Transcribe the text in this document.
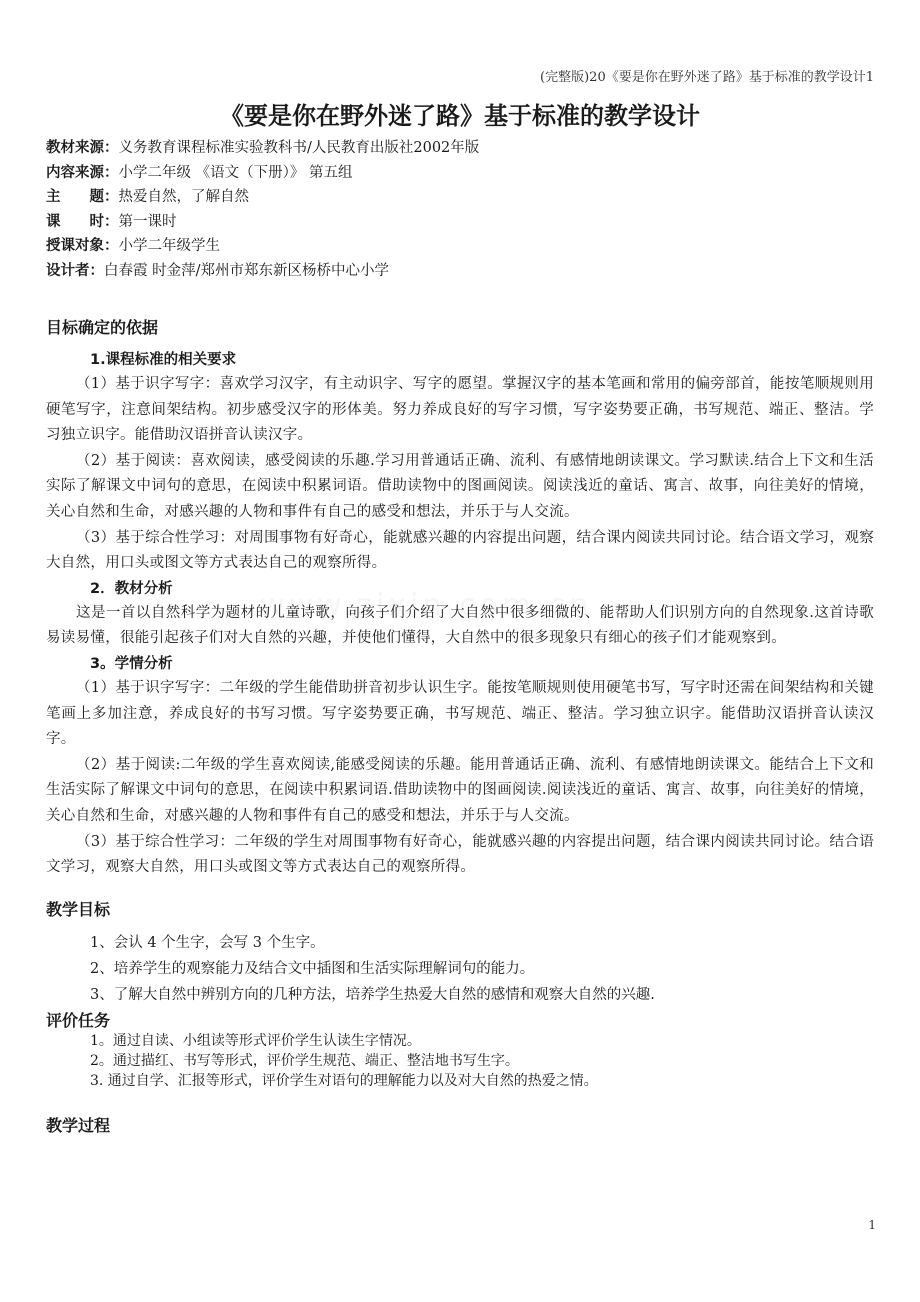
(完整版)20《要是你在野外迷了路》基于标准的教学设计1
《要是你在野外迷了路》基于标准的教学设计
教材来源：义务教育课程标准实验教科书/人民教育出版社2002年版
内容来源：小学二年级 《语文（下册）》 第五组
主　　题：热爱自然，了解自然
课　　时：第一课时
授课对象：小学二年级学生
设计者：白春霞 时金萍/郑州市郑东新区杨桥中心小学
目标确定的依据
1.课程标准的相关要求

（1）基于识字写字：喜欢学习汉字，有主动识字、写字的愿望。掌握汉字的基本笔画和常用的偏旁部首，能按笔顺规则用硬笔写字，注意间架结构。初步感受汉字的形体美。努力养成良好的写字习惯，写字姿势要正确，书写规范、端正、整洁。学习独立识字。能借助汉语拼音认读汉字。

（2）基于阅读：喜欢阅读，感受阅读的乐趣.学习用普通话正确、流利、有感情地朗读课文。学习默读.结合上下文和生活实际了解课文中词句的意思，在阅读中积累词语。借助读物中的图画阅读。阅读浅近的童话、寓言、故事，向往美好的情境，关心自然和生命，对感兴趣的人物和事件有自己的感受和想法，并乐于与人交流。

（3）基于综合性学习：对周围事物有好奇心，能就感兴趣的内容提出问题，结合课内阅读共同讨论。结合语文学习，观察大自然，用口头或图文等方式表达自己的观察所得。

2．教材分析

这是一首以自然科学为题材的儿童诗歌，向孩子们介绍了大自然中很多细微的、能帮助人们识别方向的自然现象.这首诗歌易读易懂，很能引起孩子们对大自然的兴趣，并使他们懂得，大自然中的很多现象只有细心的孩子们才能观察到。

3。学情分析

（1）基于识字写字：二年级的学生能借助拼音初步认识生字。能按笔顺规则使用硬笔书写，写字时还需在间架结构和关键笔画上多加注意，养成良好的书写习惯。写字姿势要正确，书写规范、端正、整洁。学习独立识字。能借助汉语拼音认读汉字。

（2）基于阅读:二年级的学生喜欢阅读,能感受阅读的乐趣。能用普通话正确、流利、有感情地朗读课文。能结合上下文和生活实际了解课文中词句的意思，在阅读中积累词语.借助读物中的图画阅读.阅读浅近的童话、寓言、故事，向往美好的情境，关心自然和生命，对感兴趣的人物和事件有自己的感受和想法，并乐于与人交流。

（3）基于综合性学习：二年级的学生对周围事物有好奇心，能就感兴趣的内容提出问题，结合课内阅读共同讨论。结合语文学习，观察大自然，用口头或图文等方式表达自己的观察所得。

教学目标
1、会认 4 个生字，会写 3 个生字。
2、培养学生的观察能力及结合文中插图和生活实际理解词句的能力。
3、了解大自然中辨别方向的几种方法，培养学生热爱大自然的感情和观察大自然的兴趣.
评价任务
1。通过自读、小组读等形式评价学生认读生字情况。
2。通过描红、书写等形式，评价学生规范、端正、整洁地书写生字。
3. 通过自学、汇报等形式，评价学生对语句的理解能力以及对大自然的热爱之情。
教学过程
1
